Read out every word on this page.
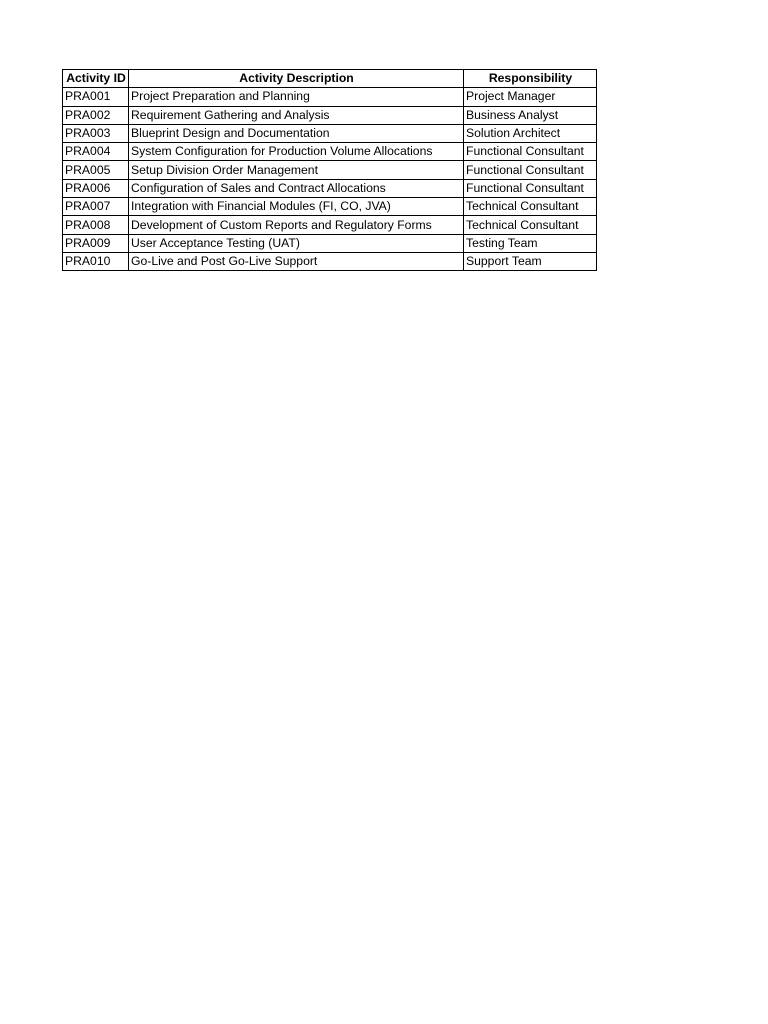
Activity ID	Activity Description	Responsibility
PRA001	Project Preparation and Planning	Project Manager
PRA002	Requirement Gathering and Analysis	Business Analyst
PRA003	Blueprint Design and Documentation	Solution Architect
PRA004	System Configuration for Production Volume Allocations	Functional Consultant
PRA005	Setup Division Order Management	Functional Consultant
PRA006	Configuration of Sales and Contract Allocations	Functional Consultant
PRA007	Integration with Financial Modules (FI, CO, JVA)	Technical Consultant
PRA008	Development of Custom Reports and Regulatory Forms	Technical Consultant
PRA009	User Acceptance Testing (UAT)	Testing Team
PRA010	Go-Live and Post Go-Live Support	Support Team
